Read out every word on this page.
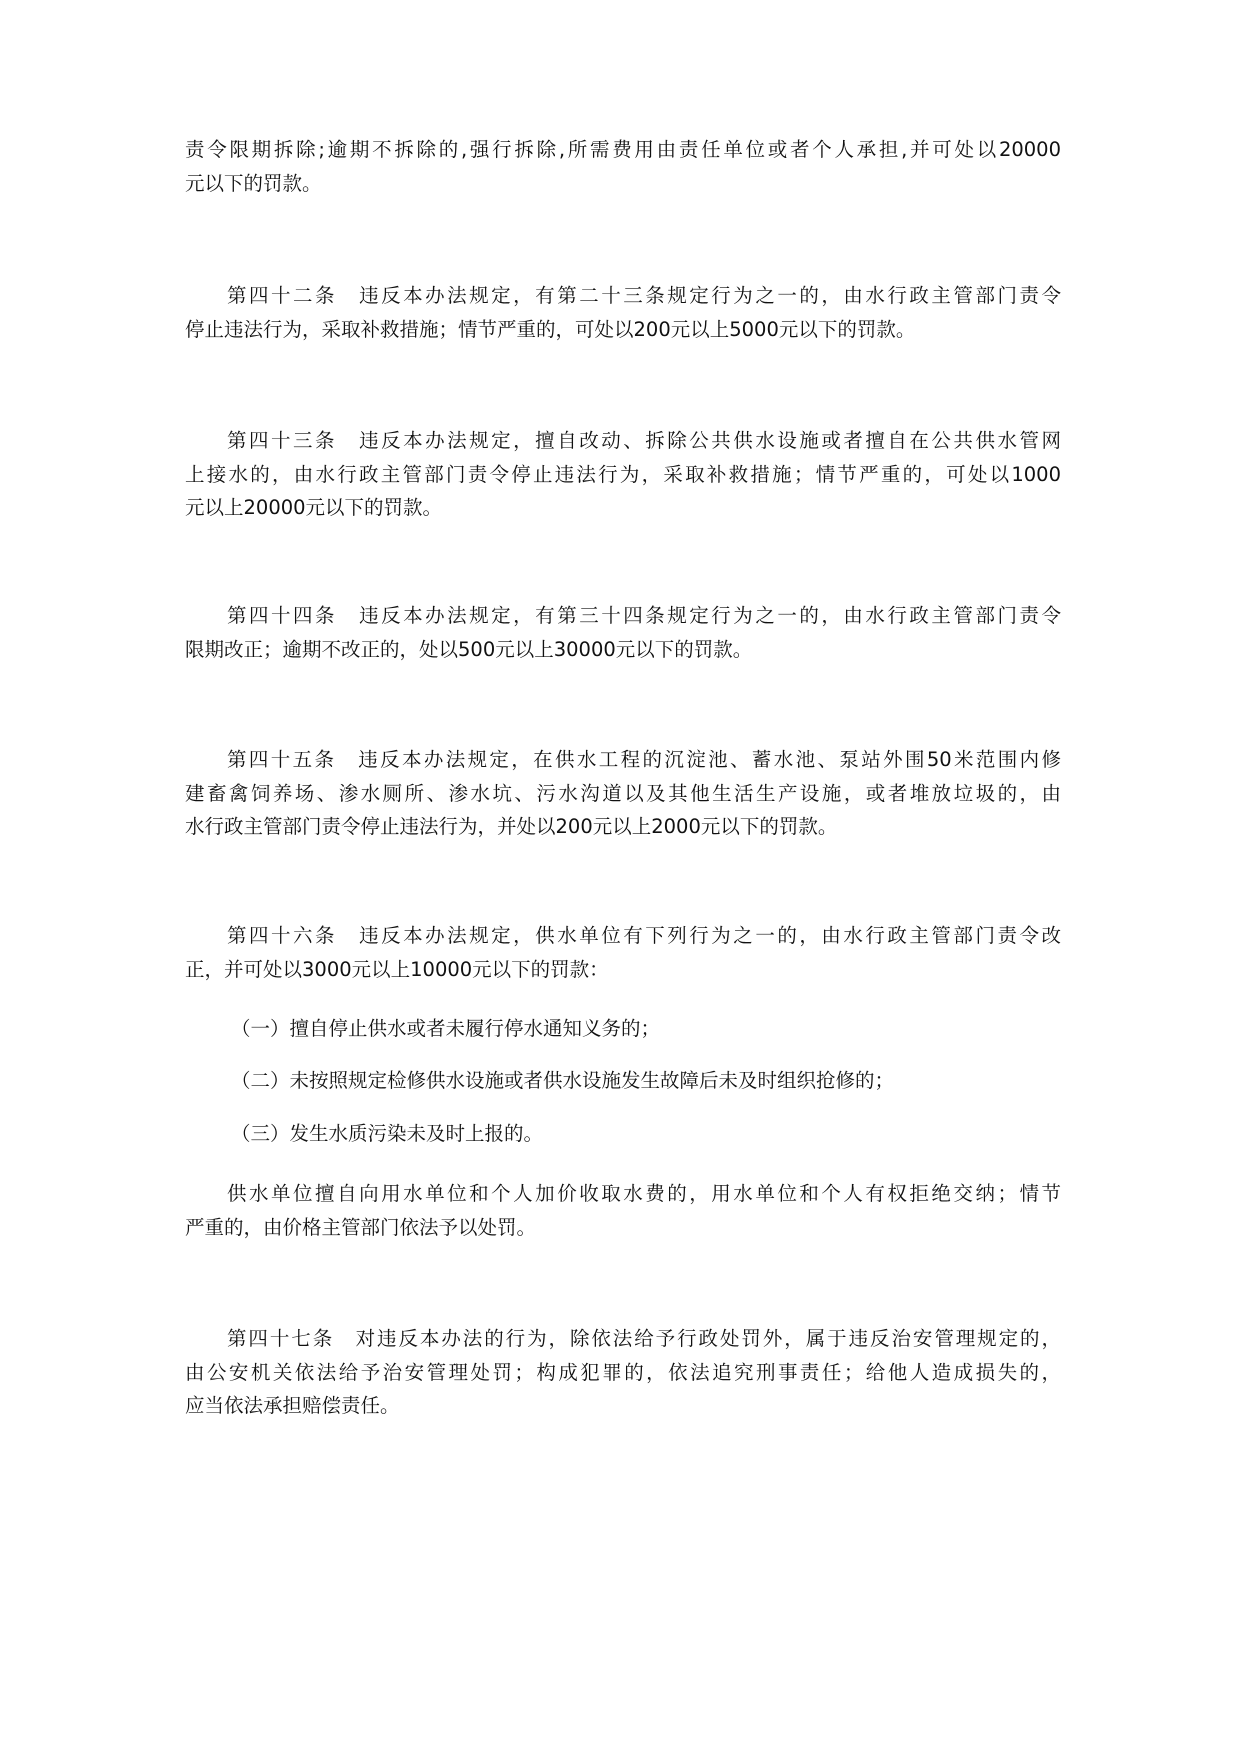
责令限期拆除;逾期不拆除的,强行拆除,所需费用由责任单位或者个人承担,并可处以20000
元以下的罚款。
第四十二条　违反本办法规定，有第二十三条规定行为之一的，由水行政主管部门责令
停止违法行为，采取补救措施；情节严重的，可处以200元以上5000元以下的罚款。
第四十三条　违反本办法规定，擅自改动、拆除公共供水设施或者擅自在公共供水管网
上接水的，由水行政主管部门责令停止违法行为，采取补救措施；情节严重的，可处以1000
元以上20000元以下的罚款。
第四十四条　违反本办法规定，有第三十四条规定行为之一的，由水行政主管部门责令
限期改正；逾期不改正的，处以500元以上30000元以下的罚款。
第四十五条　违反本办法规定，在供水工程的沉淀池、蓄水池、泵站外围50米范围内修
建畜禽饲养场、渗水厕所、渗水坑、污水沟道以及其他生活生产设施，或者堆放垃圾的，由
水行政主管部门责令停止违法行为，并处以200元以上2000元以下的罚款。
第四十六条　违反本办法规定，供水单位有下列行为之一的，由水行政主管部门责令改
正，并可处以3000元以上10000元以下的罚款：
（一）擅自停止供水或者未履行停水通知义务的；
（二）未按照规定检修供水设施或者供水设施发生故障后未及时组织抢修的；
（三）发生水质污染未及时上报的。
供水单位擅自向用水单位和个人加价收取水费的，用水单位和个人有权拒绝交纳；情节
严重的，由价格主管部门依法予以处罚。
第四十七条　对违反本办法的行为，除依法给予行政处罚外，属于违反治安管理规定的，
由公安机关依法给予治安管理处罚；构成犯罪的，依法追究刑事责任；给他人造成损失的，
应当依法承担赔偿责任。
